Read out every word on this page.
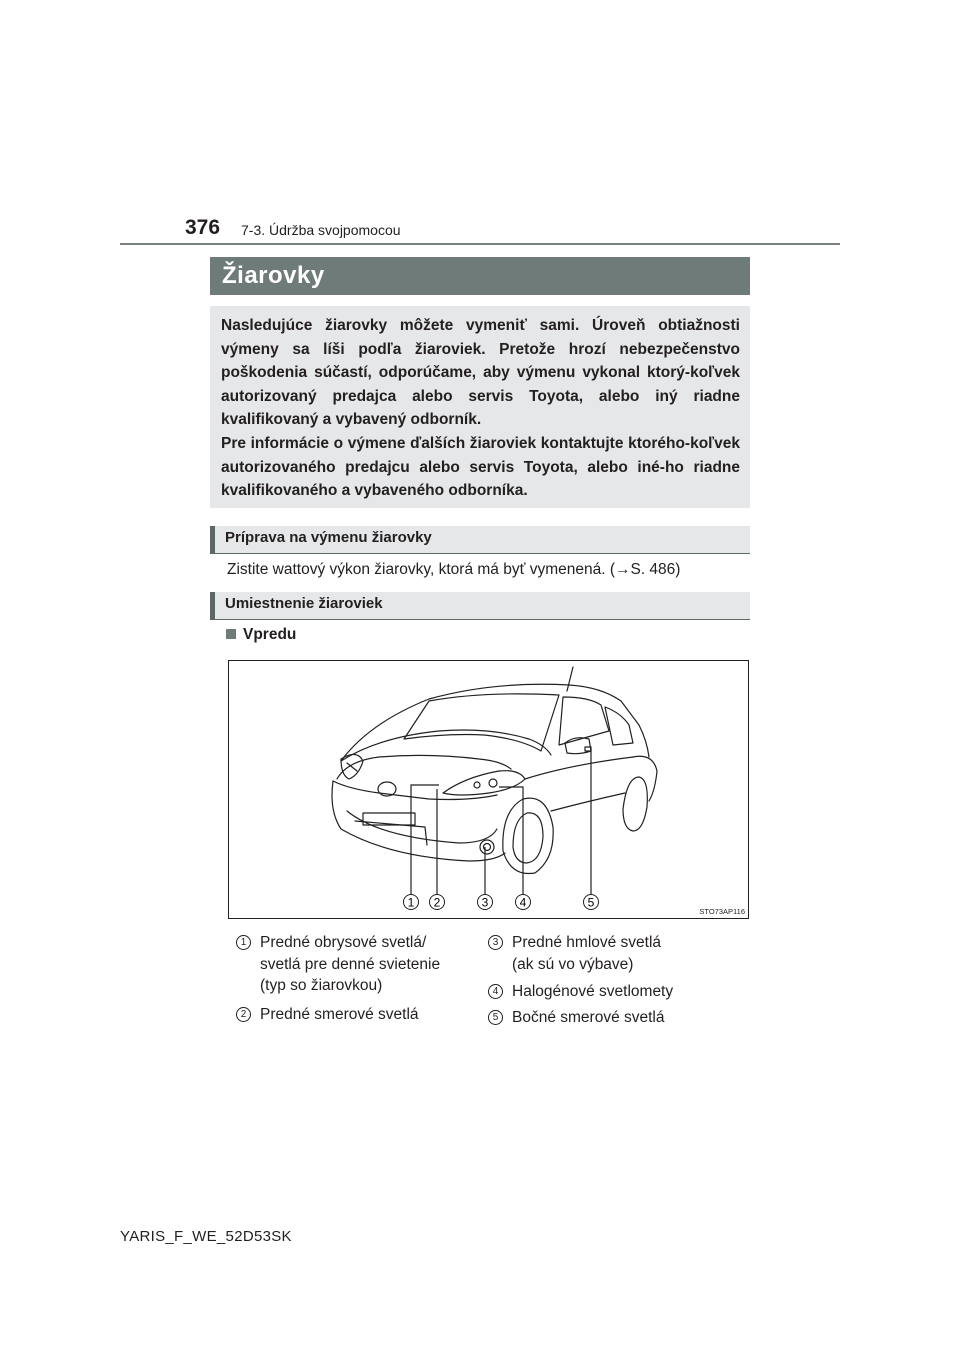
376 7-3. Údržba svojpomocou
Žiarovky

Nasledujúce žiarovky môžete vymeniť sami. Úroveň obtiažnosti výmeny sa líši podľa žiaroviek. Pretože hrozí nebezpečenstvo poškodenia súčastí, odporúčame, aby výmenu vykonal ktorý-koľvek autorizovaný predajca alebo servis Toyota, alebo iný riadne kvalifikovaný a vybavený odborník.

Pre informácie o výmene ďalších žiaroviek kontaktujte ktorého-koľvek autorizovaného predajcu alebo servis Toyota, alebo iné-ho riadne kvalifikovaného a vybaveného odborníka.

Príprava na výmenu žiarovky
Zistite wattový výkon žiarovky, ktorá má byť vymenená. (→S. 486)
Umiestnenie žiaroviek
Vpredu
1 2	3	4	5
STO73AP116
1 Predné obrysové svetlá/
svetlá pre denné svietenie
(typ so žiarovkou)
2 Predné smerové svetlá
3 Predné hmlové svetlá
(ak sú vo výbave)
4 Halogénové svetlomety
5 Bočné smerové svetlá
YARIS_F_WE_52D53SK
